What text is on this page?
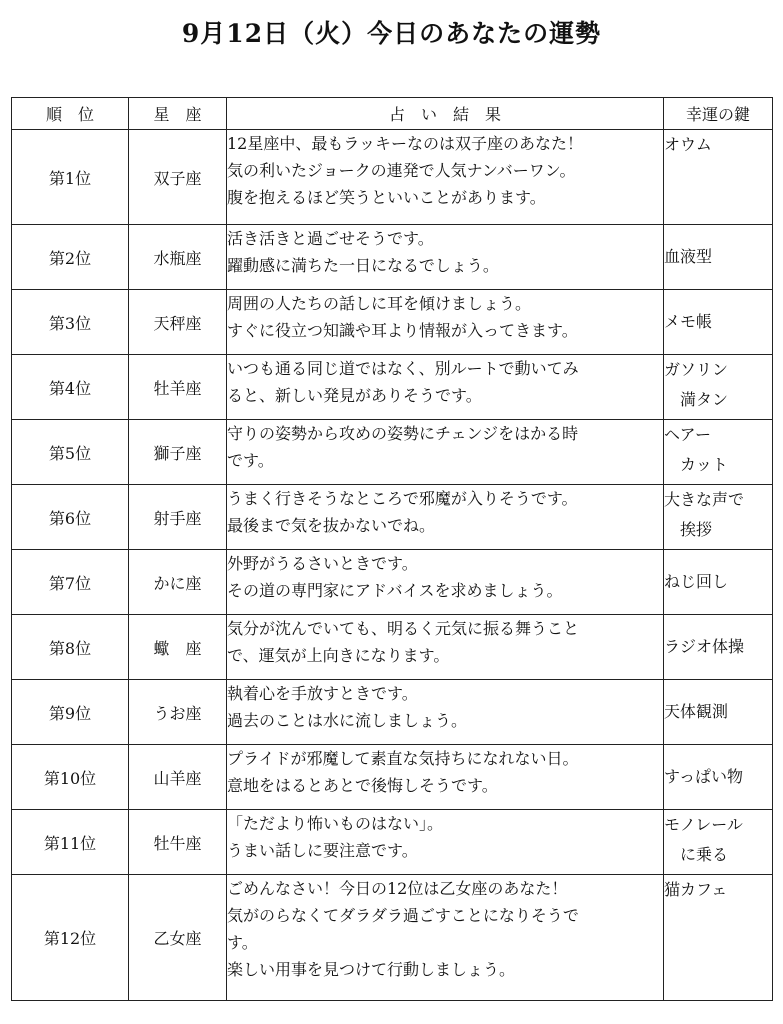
9月12日（火）今日のあなたの運勢
順　位	星　座	占　い　結　果	幸運の鍵
第1位	双子座	12星座中、最もラッキーなのは双子座のあなた！
気の利いたジョークの連発で人気ナンバーワン。
腹を抱えるほど笑うといいことがあります。	オウム

第2位	水瓶座	活き活きと過ごせそうです。
躍動感に満ちた一日になるでしょう。	血液型

第3位	天秤座	周囲の人たちの話しに耳を傾けましょう。
すぐに役立つ知識や耳より情報が入ってきます。	メモ帳

第4位	牡羊座	いつも通る同じ道ではなく、別ルートで動いてみ
ると、新しい発見がありそうです。	ガソリン
満タン

第5位	獅子座	守りの姿勢から攻めの姿勢にチェンジをはかる時
です。	ヘアー
カット

第6位	射手座	うまく行きそうなところで邪魔が入りそうです。
最後まで気を抜かないでね。	大きな声で
挨拶

第7位	かに座	外野がうるさいときです。
その道の専門家にアドバイスを求めましょう。	ねじ回し

第8位	蠍　座	気分が沈んでいても、明るく元気に振る舞うこと
で、運気が上向きになります。	ラジオ体操

第9位	うお座	執着心を手放すときです。
過去のことは水に流しましょう。	天体観測

第10位	山羊座	プライドが邪魔して素直な気持ちになれない日。
意地をはるとあとで後悔しそうです。	すっぱい物

第11位	牡牛座	「ただより怖いものはない」。
うまい話しに要注意です。	モノレール
に乗る

第12位	乙女座	ごめんなさい！今日の12位は乙女座のあなた！
気がのらなくてダラダラ過ごすことになりそうで
す。
楽しい用事を見つけて行動しましょう。	猫カフェ
